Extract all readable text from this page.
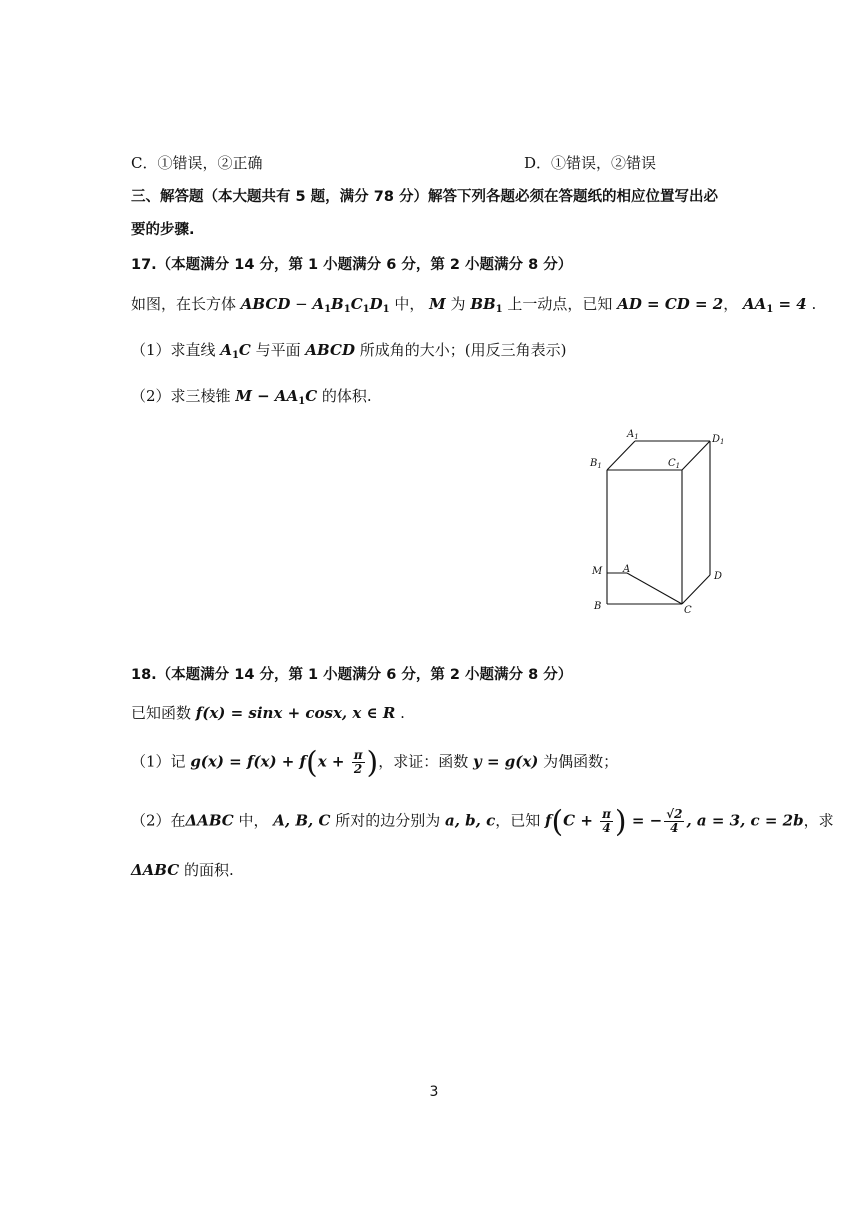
C．①错误，②正确	D．①错误，②错误
三、解答题（本大题共有 5 题，满分 78 分）解答下列各题必须在答题纸的相应位置写出必
要的步骤.
17.（本题满分 14 分，第 1 小题满分 6 分，第 2 小题满分 8 分）
如图，在长方体 ABCD − $A_1B_1C_1D_1$ 中， M 为 $BB_1$ 上一动点，已知 AD = CD = 2， $AA_1 = 4$ .
（1）求直线 $A_1C$ 与平面 ABCD 所成角的大小；(用反三角表示)
（2）求三棱锥 $M - AA_1C$ 的体积.
$A_1$	$D_1$
$B_1$	$C_1$
M A
D
B	C
18.（本题满分 14 分，第 1 小题满分 6 分，第 2 小题满分 8 分）
已知函数 f(x) = sinx + cosx, x ∈ R .
（1）记 $g(x) = f(x) + f(x + \frac{\pi}{2}$ )，求证：函数 y = g(x) 为偶函数；
（2）在ΔABC 中， A, B, C 所对的边分别为 a, b, c，已知 $f(C + \frac{\pi}{4}$ ) = − $\frac{√2}{4}$ , a = 3, c = 2b，求
ΔABC 的面积.
3
